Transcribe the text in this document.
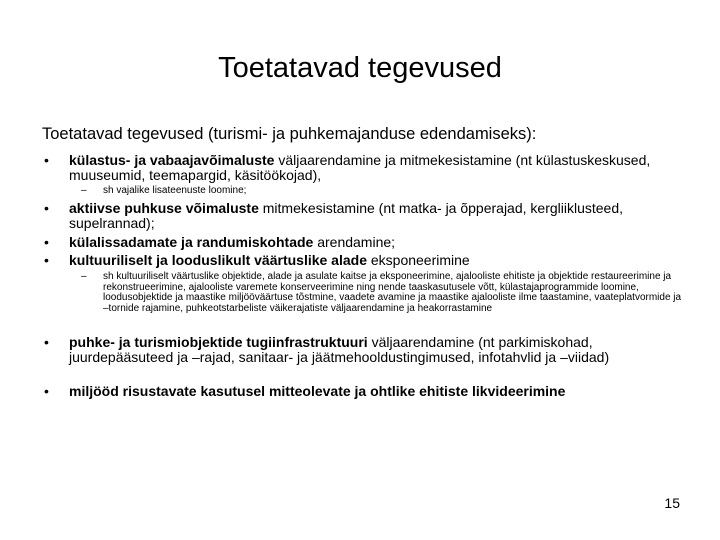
Toetatavad tegevused
Toetatavad tegevused (turismi- ja puhkemajanduse edendamiseks):
• külastus- ja vabaajavõimaluste väljaarendamine ja mitmekesistamine (nt külastuskeskused, muuseumid, teemapargid, käsitöökojad),
– sh vajalike lisateenuste loomine;
• aktiivse puhkuse võimaluste mitmekesistamine (nt matka- ja õpperajad, kergliiklusteed, supelrannad);
• külalissadamate ja randumiskohtade arendamine;
• kultuuriliselt ja looduslikult väärtuslike alade eksponeerimine
– sh kultuuriliselt väärtuslike objektide, alade ja asulate kaitse ja eksponeerimine, ajalooliste ehitiste ja objektide restaureerimine ja rekonstrueerimine, ajalooliste varemete konserveerimine ning nende taaskasutusele võtt, külastajaprogrammide loomine, loodusobjektide ja maastike miljööväärtuse tõstmine, vaadete avamine ja maastike ajalooliste ilme taastamine, vaateplatvormide ja –tornide rajamine, puhkeotstarbeliste väikerajatiste väljaarendamine ja heakorrastamine
• puhke- ja turismiobjektide tugiinfrastruktuuri väljaarendamine (nt parkimiskohad, juurdepääsuteed ja –rajad, sanitaar- ja jäätmehooldustingimused, infotahvlid ja –viidad)
• miljööd risustavate kasutusel mitteolevate ja ohtlike ehitiste likvideerimine
15
